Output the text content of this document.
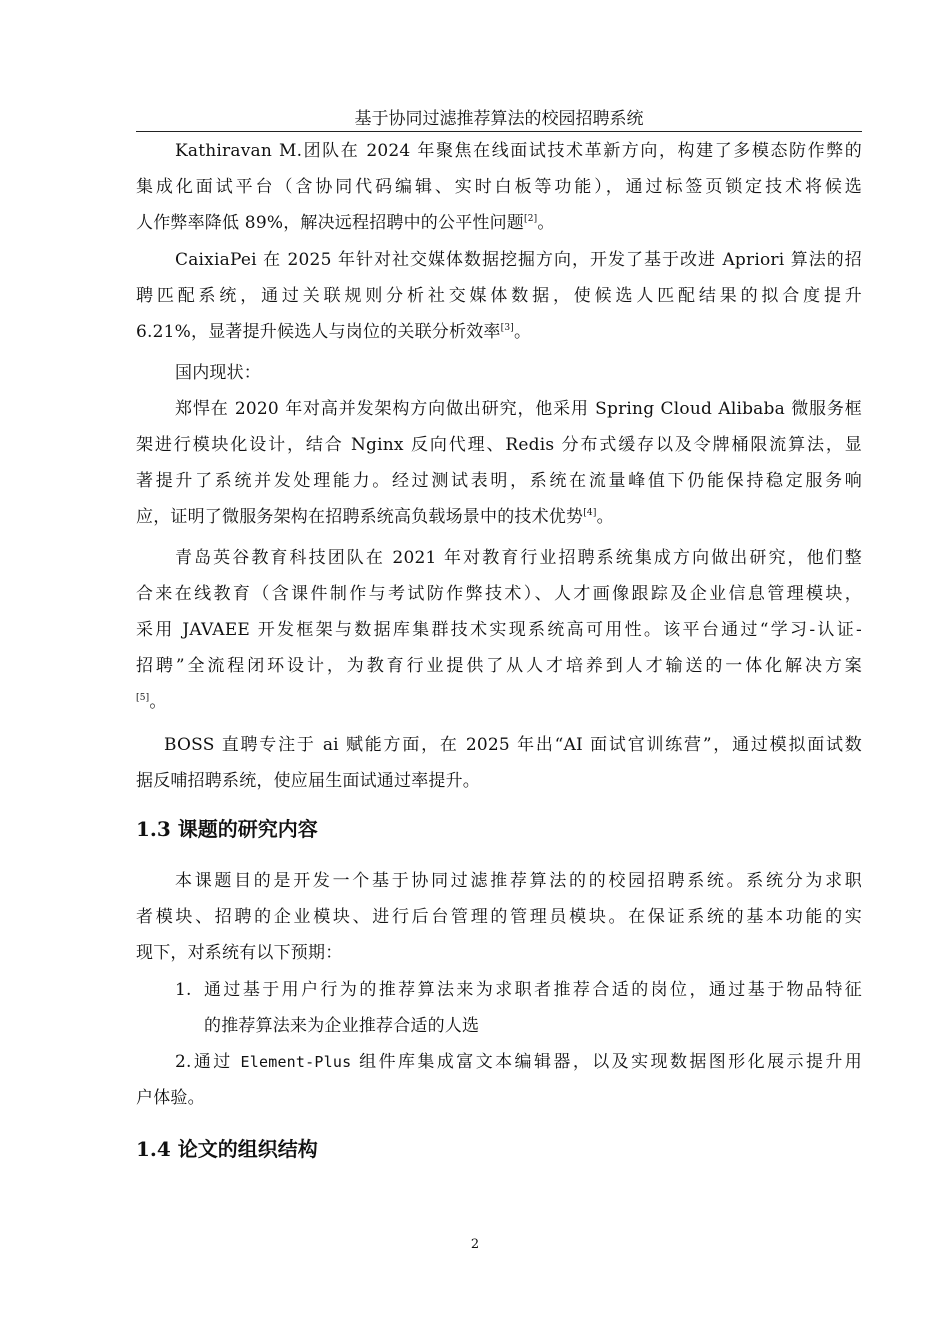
基于协同过滤推荐算法的校园招聘系统
Kathiravan M.团队在 2024 年聚焦在线面试技术革新方向，构建了多模态防作弊的
集成化面试平台（含协同代码编辑、实时白板等功能），通过标签页锁定技术将候选
人作弊率降低 89%，解决远程招聘中的公平性问题[2]。
CaixiaPei 在 2025 年针对社交媒体数据挖掘方向，开发了基于改进 Apriori 算法的招
聘匹配系统，通过关联规则分析社交媒体数据，使候选人匹配结果的拟合度提升
6.21%，显著提升候选人与岗位的关联分析效率[3]。
国内现状：
郑悍在 2020 年对高并发架构方向做出研究，他采用 Spring Cloud Alibaba 微服务框
架进行模块化设计，结合 Nginx 反向代理、Redis 分布式缓存以及令牌桶限流算法，显
著提升了系统并发处理能力。经过测试表明，系统在流量峰值下仍能保持稳定服务响
应，证明了微服务架构在招聘系统高负载场景中的技术优势[4]。
青岛英谷教育科技团队在 2021 年对教育行业招聘系统集成方向做出研究，他们整
合来在线教育（含课件制作与考试防作弊技术）、人才画像跟踪及企业信息管理模块，
采用 JAVAEE 开发框架与数据库集群技术实现系统高可用性。该平台通过“学习-认证-
招聘”全流程闭环设计，为教育行业提供了从人才培养到人才输送的一体化解决方案
[5]。
BOSS 直聘专注于 ai 赋能方面，在 2025 年出“AI 面试官训练营”，通过模拟面试数
据反哺招聘系统，使应届生面试通过率提升。
1.3 课题的研究内容
本课题目的是开发一个基于协同过滤推荐算法的的校园招聘系统。系统分为求职
者模块、招聘的企业模块、进行后台管理的管理员模块。在保证系统的基本功能的实
现下，对系统有以下预期：
1. 通过基于用户行为的推荐算法来为求职者推荐合适的岗位，通过基于物品特征
的推荐算法来为企业推荐合适的人选
2.通过 Element-Plus 组件库集成富文本编辑器，以及实现数据图形化展示提升用
户体验。
1.4 论文的组织结构
2
